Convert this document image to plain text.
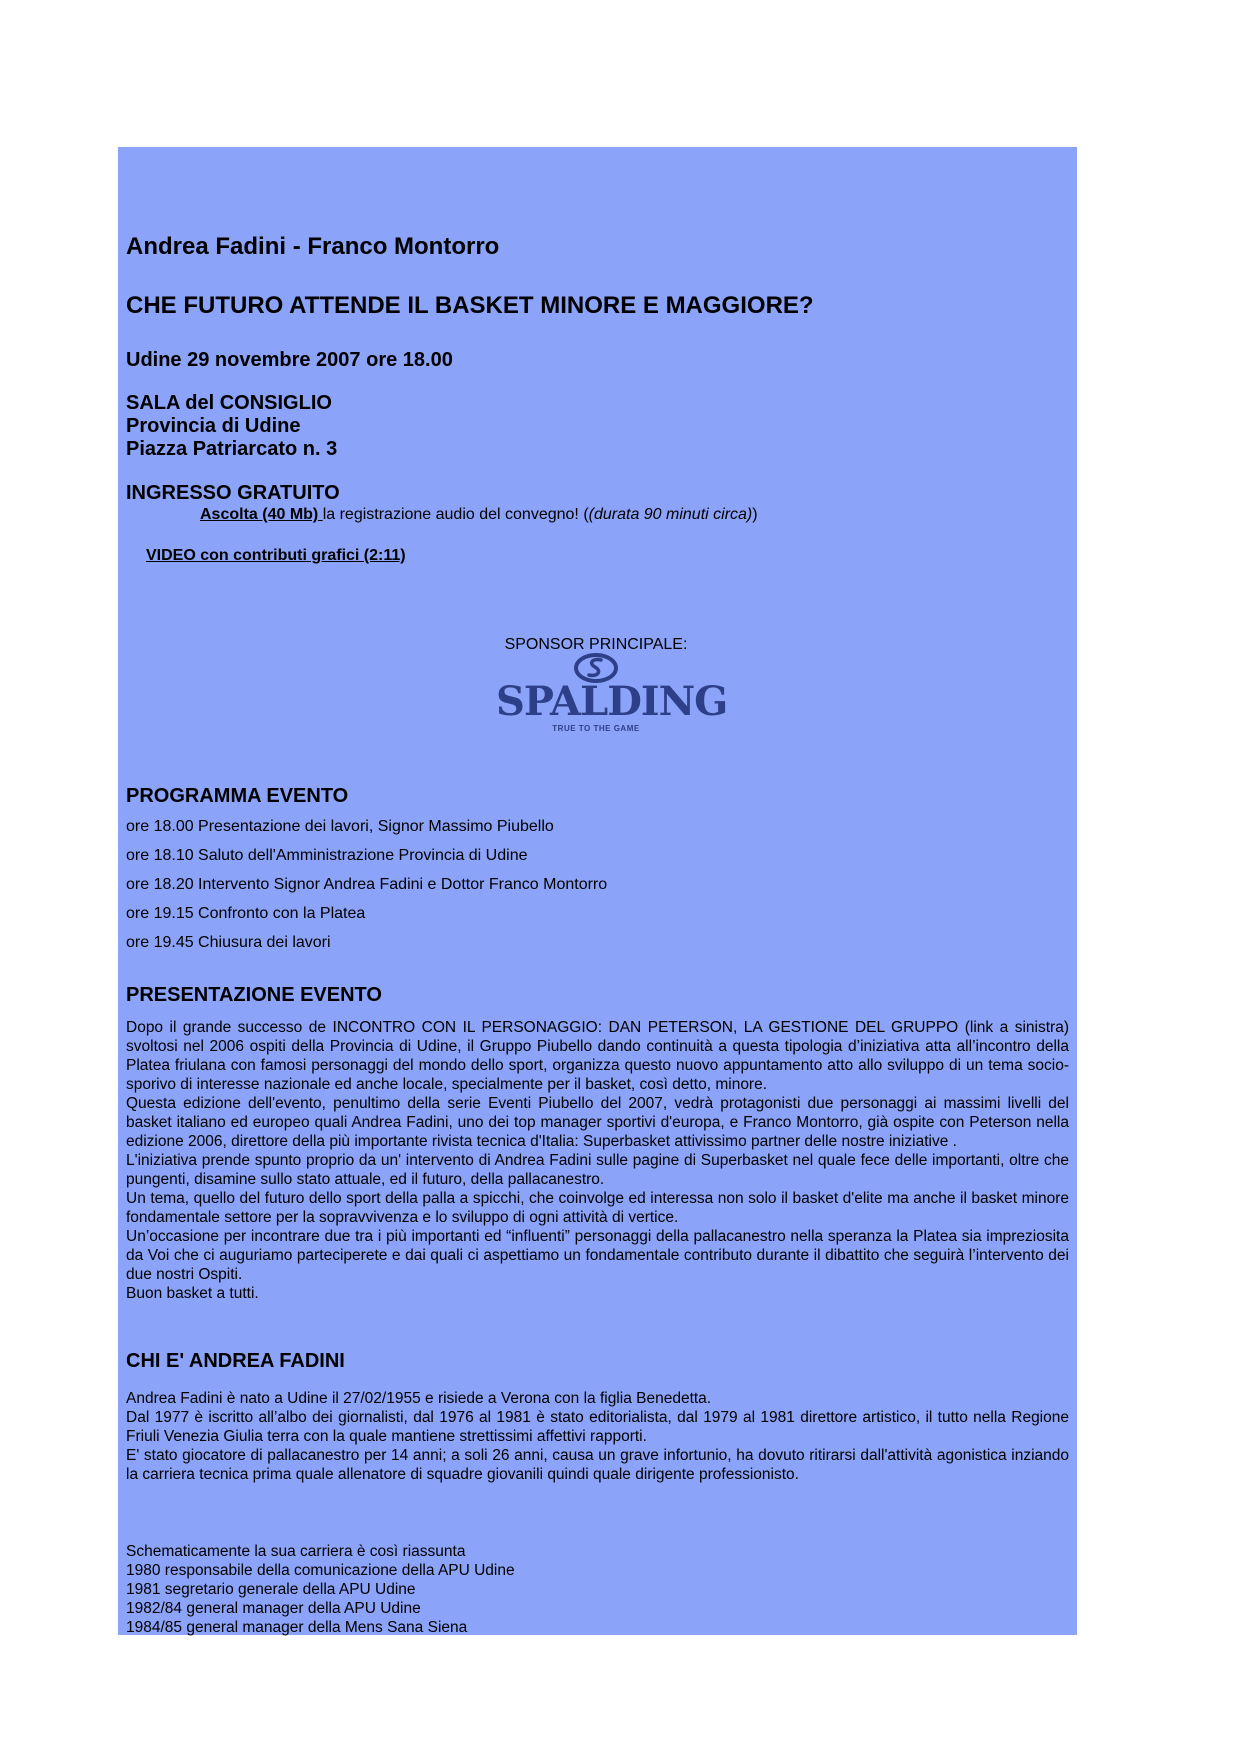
Andrea Fadini - Franco Montorro
CHE FUTURO ATTENDE IL BASKET MINORE E MAGGIORE?
Udine 29 novembre 2007 ore 18.00
SALA del CONSIGLIO
Provincia di Udine
Piazza Patriarcato n. 3
INGRESSO GRATUITO
Ascolta (40 Mb) la registrazione audio del convegno! ((durata 90 minuti circa))
VIDEO con contributi grafici (2:11)
SPONSOR PRINCIPALE:
SPALDING
TRUE TO THE GAME
PROGRAMMA EVENTO
ore 18.00 Presentazione dei lavori, Signor Massimo Piubello
ore 18.10 Saluto dell'Amministrazione Provincia di Udine
ore 18.20 Intervento Signor Andrea Fadini e Dottor Franco Montorro
ore 19.15 Confronto con la Platea
ore 19.45 Chiusura dei lavori
PRESENTAZIONE EVENTO

Dopo il grande successo de INCONTRO CON IL PERSONAGGIO: DAN PETERSON, LA GESTIONE DEL GRUPPO (link a sinistra) svoltosi nel 2006 ospiti della Provincia di Udine, il Gruppo Piubello dando continuità a questa tipologia d’iniziativa atta all’incontro della Platea friulana con famosi personaggi del mondo dello sport, organizza questo nuovo appuntamento atto allo sviluppo di un tema socio-sporivo di interesse nazionale ed anche locale, specialmente per il basket, così detto, minore.

Questa edizione dell'evento, penultimo della serie Eventi Piubello del 2007, vedrà protagonisti due personaggi ai massimi livelli del basket italiano ed europeo quali Andrea Fadini, uno dei top manager sportivi d'europa, e Franco Montorro, già ospite con Peterson nella edizione 2006, direttore della più importante rivista tecnica d'Italia: Superbasket attivissimo partner delle nostre iniziative .

L'iniziativa prende spunto proprio da un' intervento di Andrea Fadini sulle pagine di Superbasket nel quale fece delle importanti, oltre che pungenti, disamine sullo stato attuale, ed il futuro, della pallacanestro.

Un tema, quello del futuro dello sport della palla a spicchi, che coinvolge ed interessa non solo il basket d'elite ma anche il basket minore fondamentale settore per la sopravvivenza e lo sviluppo di ogni attività di vertice.

Un’occasione per incontrare due tra i più importanti ed “influenti” personaggi della pallacanestro nella speranza la Platea sia impreziosita da Voi che ci auguriamo parteciperete e dai quali ci aspettiamo un fondamentale contributo durante il dibattito che seguirà l’intervento dei due nostri Ospiti.

Buon basket a tutti.

CHI E' ANDREA FADINI

Andrea Fadini è nato a Udine il 27/02/1955 e risiede a Verona con la figlia Benedetta.

Dal 1977 è iscritto all’albo dei giornalisti, dal 1976 al 1981 è stato editorialista, dal 1979 al 1981 direttore artistico, il tutto nella Regione Friuli Venezia Giulia terra con la quale mantiene strettissimi affettivi rapporti.

E' stato giocatore di pallacanestro per 14 anni; a soli 26 anni, causa un grave infortunio, ha dovuto ritirarsi dall'attività agonistica inziando la carriera tecnica prima quale allenatore di squadre giovanili quindi quale dirigente professionisto.

Schematicamente la sua carriera è così riassunta

1980 responsabile della comunicazione della APU Udine

1981 segretario generale della APU Udine

1982/84 general manager della APU Udine

1984/85 general manager della Mens Sana Siena
